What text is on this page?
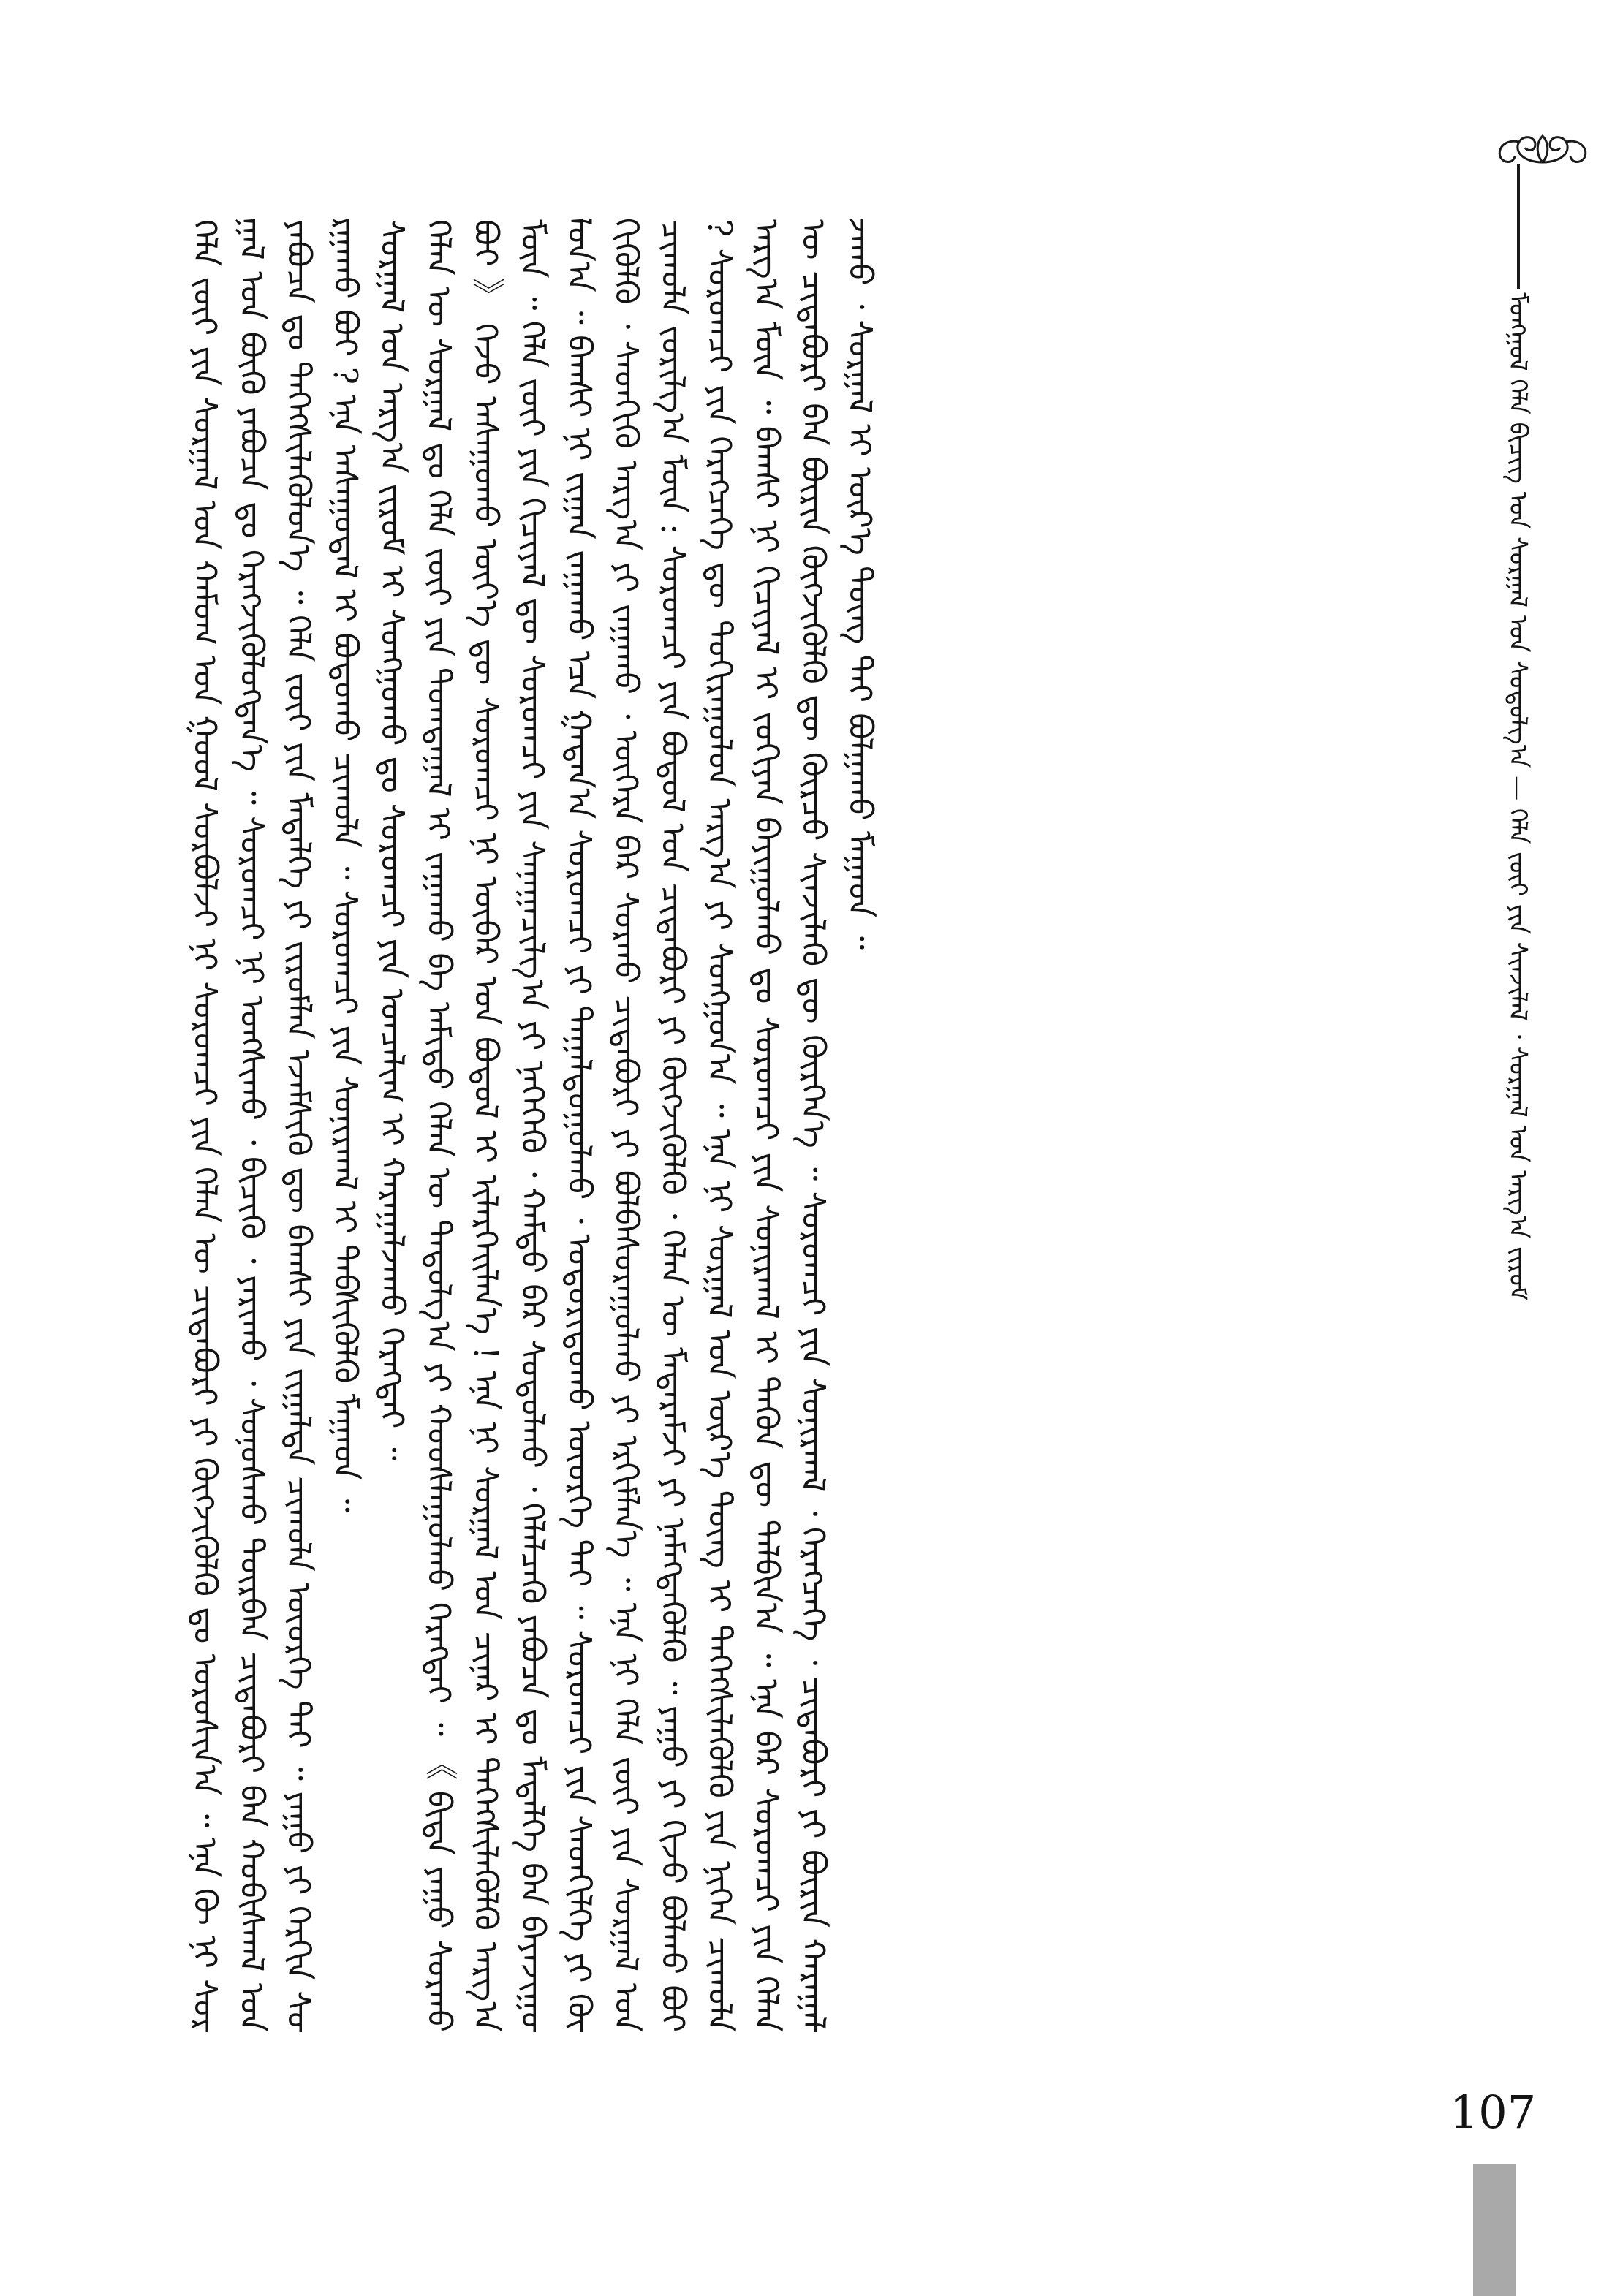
ᠮᠣᠩᠭᠣᠯ ᠬᠡᠯᠡ ᠪᠢᠴᠢᠭ᠌ ᠤᠨ ᠰᠤᠷᠭᠠᠯ ᠤᠨ ᠰᠤᠳᠤᠯᠭ᠎ᠠ — ᠬᠡᠯᠡ ᠵᠦᠢ ᠶᠢᠨ ᠰᠢᠨᠵᠢᠯᠡᠯ ᠂ ᠰᠤᠷᠭᠠᠯ ᠤᠨ ᠠᠷᠭ᠎ᠠ ᠵᠢᠷᠤᠮ

ᠬᠡᠯᠡ ᠵᠦᠢ ᠶᠢᠨ ᠰᠤᠷᠭᠠᠯ ᠤᠨ ᠬᠠᠮᠤᠭ ᠤᠨ ᠭᠤᠤᠯ ᠰᠤᠷᠪᠤᠯᠵᠢ ᠨᠢ ᠰᠤᠷᠤᠭᠴᠢ ᠶᠢᠨ ᠬᠡᠯᠡᠨ ᠦ ᠴᠢᠳᠠᠪᠤᠷᠢ ᠶᠢ ᠬᠥᠭᠵᠢᠭᠦᠯᠬᠦ ᠳᠤ ᠣᠷᠤᠰᠢᠨ᠎ᠠ ᠃ ᠡᠨᠡ ᠬᠦ ᠨᠢ ᠰᠤᠷᠭᠠᠯ ᠤᠨ ᠪᠦᠬᠦ ᠶᠠᠪᠤᠴᠠ ᠳᠤ ᠬᠡᠷᠡᠭᠵᠢᠭᠦᠯᠦᠭᠳᠡᠨ᠎ᠡ ᠃ ᠰᠤᠷᠤᠭᠴᠢ ᠨᠢ ᠤᠩᠰᠢᠬᠤ ᠂ ᠪᠢᠴᠢᠬᠦ ᠂ ᠶᠠᠷᠢᠬᠤ ᠂ ᠰᠣᠨᠣᠰᠬᠤ ᠳᠦᠷᠪᠡᠨ ᠴᠢᠳᠠᠪᠤᠷᠢ ᠪᠠᠨ ᠬᠤᠪᠢᠰᠬᠠᠯ ᠤᠨ ᠶᠠᠪᠤᠴᠠ ᠳᠤ ᠳᠡᠭᠡᠭᠰᠢᠯᠡᠭᠦᠯᠦᠨ᠎ᠡ ᠃ ᠬᠡᠯᠡ ᠵᠦᠢ ᠶᠢᠨ ᠮᠡᠳᠡᠯᠭᠡ ᠶᠢ ᠵᠢᠷᠤᠮᠯᠠᠨ ᠡᠵᠡᠮᠰᠢᠬᠦ ᠳᠦ ᠪᠠᠭᠰᠢ ᠶᠢᠨ ᠵᠢᠭᠠᠯᠳᠠ ᠴᠢᠬᠤᠯᠠ ᠦᠦᠷᠭᠡ ᠲᠡᠢ ᠃ ᠶᠠᠭᠤ ᠶᠢ ᠬᠡᠷᠬᠢᠨ ᠰᠤᠷᠭᠠᠬᠤ ᠪᠤᠢ ? ᠡᠨᠡ ᠠᠰᠠᠭᠤᠳᠠᠯ ᠢ ᠪᠣᠳᠣᠬᠤ ᠴᠢᠬᠤᠯᠠ ᠃ ᠰᠤᠷᠤᠭᠴᠢ ᠶᠢᠨ ᠰᠣᠨᠢᠷᠬᠠᠯ ᠢ ᠳᠡᠪᠰᠢᠭᠦᠯᠬᠦ ᠮᠠᠭᠠᠳ ᠃ ᠰᠤᠷᠭᠠᠯ ᠤᠨ ᠠᠷᠭ᠎ᠠ ᠵᠢᠷᠤᠮ ᠢ ᠰᠣᠩᠭᠤᠬᠤ ᠳᠤ ᠰᠤᠷᠤᠭᠴᠢ ᠶᠢᠨ ᠣᠨᠴᠠᠯᠢᠭ ᠢ ᠬᠠᠷᠠᠭᠠᠯᠵᠠᠬᠤ ᠬᠡᠷᠡᠭᠲᠡᠢ ᠃ ᠬᠡᠯᠡᠨ ᠦ ᠰᠤᠷᠭᠠᠯ ᠳᠤ ᠬᠡᠯᠡ ᠵᠦᠢ ᠶᠢᠨ ᠲᠣᠭᠲᠠᠭᠠᠯ ᠢ ᠵᠠᠭᠠᠬᠤ ᠪᠠ ᠠᠮᠢᠳᠤ ᠬᠡᠯᠡᠨ ᠦ ᠳᠠᠳᠤᠯᠭ᠎ᠠ ᠶᠢ ᠬᠣᠣᠰᠯᠠᠭᠤᠯᠬᠤ ᠬᠡᠷᠡᠭᠲᠡᠢ ᠃ 《 ᠪᠢᠳᠡ ᠶᠠᠭᠤ ᠰᠤᠷᠬᠤ ᠪᠤᠢ 》 ᠭᠡᠵᠦ ᠠᠰᠠᠭᠤᠬᠤ ᠦᠶ᠎ᠡ ᠳᠦ ᠰᠤᠷᠤᠭᠴᠢ ᠨᠢ ᠥᠪᠡᠷ ᠤᠨ ᠪᠣᠳᠤᠯ ᠢ ᠢᠯᠡᠷᠬᠡᠢᠯᠡᠨ᠎ᠡ ! ᠡᠨᠡ ᠨᠢ ᠰᠤᠷᠭᠠᠯ ᠤᠨ ᠴᠢᠨᠠᠷ ᠢ ᠳᠡᠭᠡᠭᠰᠢᠯᠡᠭᠦᠯᠬᠦ ᠠᠷᠭ᠎ᠠ ᠮᠦᠨ ᠃ ᠬᠡᠯᠡ ᠵᠦᠢ ᠶᠢᠨ ᠬᠢᠴᠢᠶᠡᠯ ᠳᠦ ᠰᠤᠷᠤᠭᠴᠢ ᠶᠢᠨ ᠰᠠᠨᠠᠭᠠᠴᠢᠯᠭ᠎ᠠ ᠶᠢ ᠨᠡᠭᠡᠭᠡᠬᠦ ᠂ ᠬᠠᠮᠲᠤ ᠪᠡᠷ ᠰᠤᠳᠤᠯᠬᠤ ᠂ ᠬᠡᠯᠡᠯᠴᠡᠬᠦ ᠶᠠᠪᠤᠴᠠ ᠳᠤ ᠮᠡᠳᠡᠯᠭᠡ ᠪᠠᠨ ᠪᠠᠶᠠᠵᠢᠭᠤᠯᠤᠨ᠎ᠠ ᠃ ᠪᠠᠭᠰᠢ ᠨᠢ ᠵᠢᠭᠠᠨ ᠵᠠᠭᠠᠬᠤ ᠡᠴᠡ ᠭᠠᠳᠠᠨ᠎ᠠ ᠰᠤᠷᠤᠭᠴᠢ ᠶᠢ ᠳᠠᠭᠠᠯᠳᠤᠭᠤᠯᠬᠤ ᠂ ᠤᠳᠤᠷᠢᠳᠤᠬᠤ ᠦᠦᠷᠭᠡ ᠲᠡᠢ ᠃ ᠰᠤᠷᠤᠭᠴᠢ ᠶᠢᠨ ᠰᠡᠳᠬᠢᠯᠭᠡ ᠶᠢ ᠬᠥᠬᠢᠭᠦᠯᠬᠦ ᠂ ᠰᠡᠳᠬᠢᠬᠦ ᠠᠷᠭ᠎ᠠ ᠶᠢ ᠵᠠᠭᠠᠬᠤ ᠂ ᠥᠭᠡᠷᠡ ᠪᠠᠷ ᠰᠤᠷᠬᠤ ᠴᠢᠳᠠᠪᠤᠷᠢ ᠶᠢ ᠪᠣᠯᠪᠠᠰᠤᠷᠠᠭᠤᠯᠬᠤ ᠶᠢ ᠡᠷᠬᠢᠮᠯᠡᠨ᠎ᠡ ᠃ ᠡᠨᠡ ᠨᠢ ᠬᠡᠯᠡ ᠵᠦᠢ ᠶᠢᠨ ᠰᠤᠷᠭᠠᠯ ᠤᠨ ᠴᠢᠬᠤᠯᠠ ᠵᠣᠷᠢᠯᠭ᠎ᠠ ᠮᠥᠨ : ᠰᠤᠷᠤᠭᠴᠢ ᠶᠢᠨ ᠪᠣᠳᠤᠯ ᠤᠨ ᠴᠢᠳᠠᠪᠤᠷᠢ ᠶᠢ ᠬᠥᠭᠵᠢᠭᠦᠯᠬᠦ ᠂ ᠬᠡᠯᠡᠨ ᠦ ᠮᠡᠳᠡᠷᠡᠮᠵᠢ ᠶᠢ ᠨᠡᠮᠡᠭᠳᠡᠭᠦᠯᠬᠦ ᠃ ᠶᠠᠭᠤ ᠶᠢ ᠬᠢᠵᠦ ᠪᠣᠯᠬᠤ ᠪᠤᠢ ? ᠰᠤᠷᠤᠭᠴᠢ ᠶᠢᠨ ᠬᠡᠷᠡᠭᠴᠡᠭᠡ ᠳᠦ ᠲᠣᠬᠢᠷᠠᠭᠤᠯᠤᠨ ᠠᠷᠭ᠎ᠠ ᠶᠢ ᠰᠣᠩᠭᠤᠨ᠎ᠠ ᠃ ᠡᠨᠡ ᠨᠢ ᠰᠤᠷᠭᠠᠯ ᠤᠨ ᠦᠷ᠎ᠡ ᠳᠦᠩ ᠢ ᠳᠡᠭᠡᠭᠰᠢᠯᠡᠭᠦᠯᠬᠦ ᠶᠢᠨ ᠨᠢᠭᠡᠨ ᠴᠢᠬᠤᠯᠠ ᠠᠷᠭ᠎ᠠ ᠮᠥᠨ ᠃ ᠪᠠᠭᠰᠢ ᠨᠢ ᠬᠢᠴᠢᠶᠡᠯ ᠢ ᠵᠣᠬᠢᠶᠠᠨ ᠪᠠᠶᠢᠭᠤᠯᠬᠤ ᠳᠤ ᠰᠤᠷᠤᠭᠴᠢ ᠶᠢᠨ ᠰᠣᠨᠢᠷᠬᠠᠯ ᠢ ᠲᠡᠭᠦᠨ ᠳᠦ ᠲᠠᠯᠪᠢᠨ᠎ᠠ ᠃ ᠡᠨᠡ ᠪᠡᠷ ᠰᠤᠷᠤᠭᠴᠢ ᠶᠢᠨ ᠬᠡᠯᠡᠨ ᠦ ᠴᠢᠳᠠᠪᠤᠷᠢ ᠪᠠᠨ ᠪᠦᠷᠢᠨ ᠬᠥᠭᠵᠢᠭᠦᠯᠬᠦ ᠳᠦ ᠬᠦᠷᠴᠦ ᠰᠢᠨᠵᠢᠯᠡᠬᠦ ᠳᠦ ᠬᠦᠷᠭᠡᠨ᠎ᠡ ᠃ ᠰᠤᠷᠤᠭᠴᠢ ᠶᠢᠨ ᠰᠣᠨᠢᠷᠬᠠᠯ ᠂ ᠬᠡᠷᠡᠭᠴᠡᠭᠡ ᠂ ᠴᠢᠳᠠᠪᠤᠷᠢ ᠶᠢ ᠪᠦᠷᠢᠨ ᠬᠠᠷᠠᠭᠠᠯᠵᠠᠬᠤ ᠂ ᠰᠤᠷᠭᠠᠯ ᠢ ᠦᠷ᠎ᠡ ᠳᠦᠩ ᠲᠡᠢ ᠪᠣᠯᠭᠠᠬᠤ ᠮᠠᠭᠠᠳ ᠃

107
